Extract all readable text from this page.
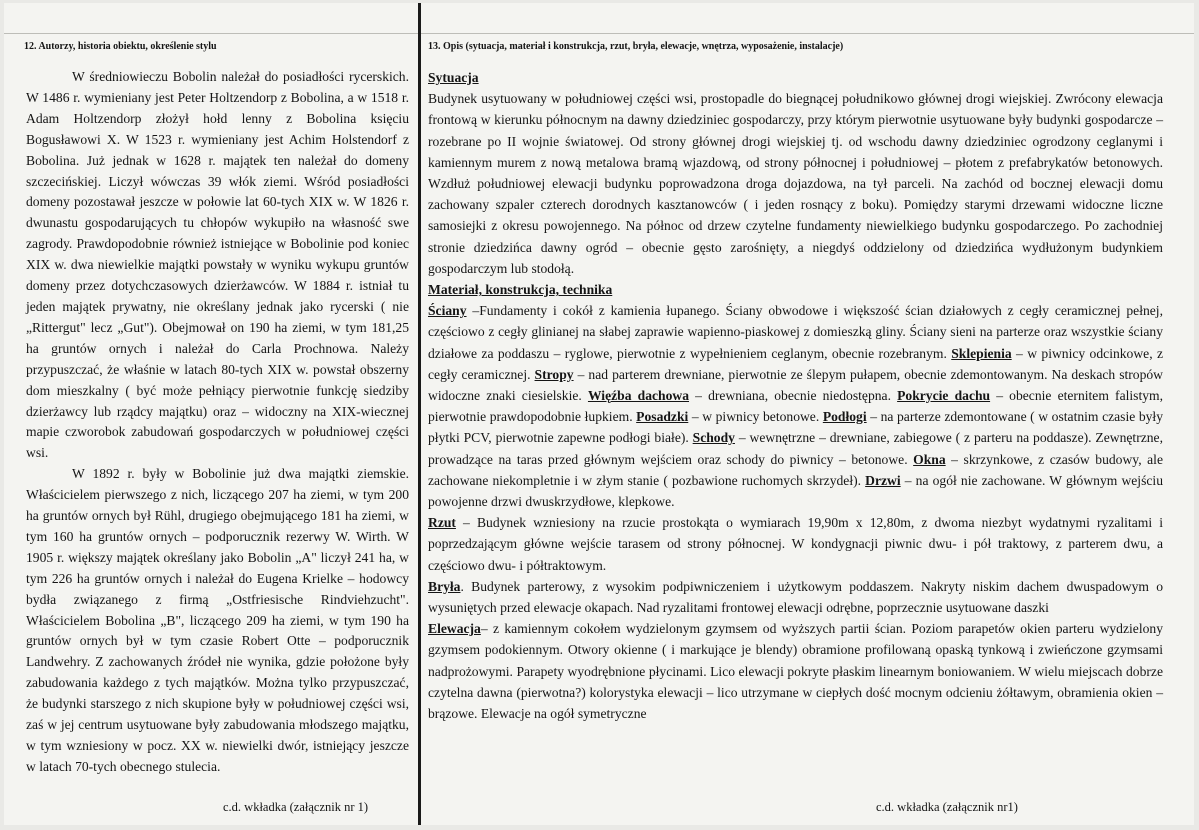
12. Autorzy, historia obiektu, określenie stylu	13. Opis (sytuacja, materiał i konstrukcja, rzut, bryła, elewacje, wnętrza, wyposażenie, instalacje)

W średniowieczu Bobolin należał do posiadłości rycerskich. W 1486 r. wymieniany jest Peter Holtzendorp z Bobolina, a w 1518 r. Adam Holtzendorp złożył hołd lenny z Bobolina księciu Bogusławowi X. W 1523 r. wymieniany jest Achim Holstendorf z Bobolina. Już jednak w 1628 r. majątek ten należał do domeny szczecińskiej. Liczył wówczas 39 włók ziemi. Wśród posiadłości domeny pozostawał jeszcze w połowie lat 60-tych XIX w. W 1826 r. dwunastu gospodarujących tu chłopów wykupiło na własność swe zagrody. Prawdopodobnie również istniejące w Bobolinie pod koniec XIX w. dwa niewielkie majątki powstały w wyniku wykupu gruntów domeny przez dotychczasowych dzierżawców. W 1884 r. istniał tu jeden majątek prywatny, nie określany jednak jako rycerski ( nie „Rittergut" lecz „Gut"). Obejmował on 190 ha ziemi, w tym 181,25 ha gruntów ornych i należał do Carla Prochnowa. Należy przypuszczać, że właśnie w latach 80-tych XIX w. powstał obszerny dom mieszkalny ( być może pełniący pierwotnie funkcję siedziby dzierżawcy lub rządcy majątku) oraz – widoczny na XIX-wiecznej mapie czworobok zabudowań gospodarczych w południowej części wsi.

W 1892 r. były w Bobolinie już dwa majątki ziemskie. Właścicielem pierwszego z nich, liczącego 207 ha ziemi, w tym 200 ha gruntów ornych był Rühl, drugiego obejmującego 181 ha ziemi, w tym 160 ha gruntów ornych – podporucznik rezerwy W. Wirth. W 1905 r. większy majątek określany jako Bobolin „A" liczył 241 ha, w tym 226 ha gruntów ornych i należał do Eugena Krielke – hodowcy bydła związanego z firmą „Ostfriesische Rindviehzucht". Właścicielem Bobolina „B", liczącego 209 ha ziemi, w tym 190 ha gruntów ornych był w tym czasie Robert Otte – podporucznik Landwehry. Z zachowanych źródeł nie wynika, gdzie położone były zabudowania każdego z tych majątków. Można tylko przypuszczać, że budynki starszego z nich skupione były w południowej części wsi, zaś w jej centrum usytuowane były zabudowania młodszego majątku, w tym wzniesiony w pocz. XX w. niewielki dwór, istniejący jeszcze w latach 70-tych obecnego stulecia.

Sytuacja

Budynek usytuowany w południowej części wsi, prostopadle do biegnącej południkowo głównej drogi wiejskiej. Zwrócony elewacja frontową w kierunku północnym na dawny dziedziniec gospodarczy, przy którym pierwotnie usytuowane były budynki gospodarcze – rozebrane po II wojnie światowej. Od strony głównej drogi wiejskiej tj. od wschodu dawny dziedziniec ogrodzony ceglanymi i kamiennym murem z nową metalowa bramą wjazdową, od strony północnej i południowej – płotem z prefabrykatów betonowych. Wzdłuż południowej elewacji budynku poprowadzona droga dojazdowa, na tył parceli. Na zachód od bocznej elewacji domu zachowany szpaler czterech dorodnych kasztanowców ( i jeden rosnący z boku). Pomiędzy starymi drzewami widoczne liczne samosiejki z okresu powojennego. Na północ od drzew czytelne fundamenty niewielkiego budynku gospodarczego. Po zachodniej stronie dziedzińca dawny ogród – obecnie gęsto zarośnięty, a niegdyś oddzielony od dziedzińca wydłużonym budynkiem gospodarczym lub stodołą.

Materiał, konstrukcja, technika

Ściany –Fundamenty i cokół z kamienia łupanego. Ściany obwodowe i większość ścian działowych z cegły ceramicznej pełnej, częściowo z cegły glinianej na słabej zaprawie wapienno-piaskowej z domieszką gliny. Ściany sieni na parterze oraz wszystkie ściany działowe za poddaszu – ryglowe, pierwotnie z wypełnieniem ceglanym, obecnie rozebranym. Sklepienia – w piwnicy odcinkowe, z cegły ceramicznej. Stropy – nad parterem drewniane, pierwotnie ze ślepym pułapem, obecnie zdemontowanym. Na deskach stropów widoczne znaki ciesielskie. Więźba dachowa – drewniana, obecnie niedostępna. Pokrycie dachu – obecnie eternitem falistym, pierwotnie prawdopodobnie łupkiem. Posadzki – w piwnicy betonowe. Podłogi – na parterze zdemontowane ( w ostatnim czasie były płytki PCV, pierwotnie zapewne podłogi białe). Schody – wewnętrzne – drewniane, zabiegowe ( z parteru na poddasze). Zewnętrzne, prowadzące na taras przed głównym wejściem oraz schody do piwnicy – betonowe. Okna – skrzynkowe, z czasów budowy, ale zachowane niekompletnie i w złym stanie ( pozbawione ruchomych skrzydeł). Drzwi – na ogół nie zachowane. W głównym wejściu powojenne drzwi dwuskrzydłowe, klepkowe.

Rzut – Budynek wzniesiony na rzucie prostokąta o wymiarach 19,90m x 12,80m, z dwoma niezbyt wydatnymi ryzalitami i poprzedzającym główne wejście tarasem od strony północnej. W kondygnacji piwnic dwu- i pół traktowy, z parterem dwu, a częściowo dwu- i półtraktowym.

Bryła. Budynek parterowy, z wysokim podpiwniczeniem i użytkowym poddaszem. Nakryty niskim dachem dwuspadowym o wysuniętych przed elewacje okapach. Nad ryzalitami frontowej elewacji odrębne, poprzecznie usytuowane daszki

Elewacja– z kamiennym cokołem wydzielonym gzymsem od wyższych partii ścian. Poziom parapetów okien parteru wydzielony gzymsem podokiennym. Otwory okienne ( i markujące je blendy) obramione profilowaną opaską tynkową i zwieńczone gzymsami nadprożowymi. Parapety wyodrębnione płycinami. Lico elewacji pokryte płaskim linearnym boniowaniem. W wielu miejscach dobrze czytelna dawna (pierwotna?) kolorystyka elewacji – lico utrzymane w ciepłych dość mocnym odcieniu żółtawym, obramienia okien – brązowe. Elewacje na ogół symetryczne

c.d. wkładka (załącznik nr 1)	c.d. wkładka (załącznik nr1)
